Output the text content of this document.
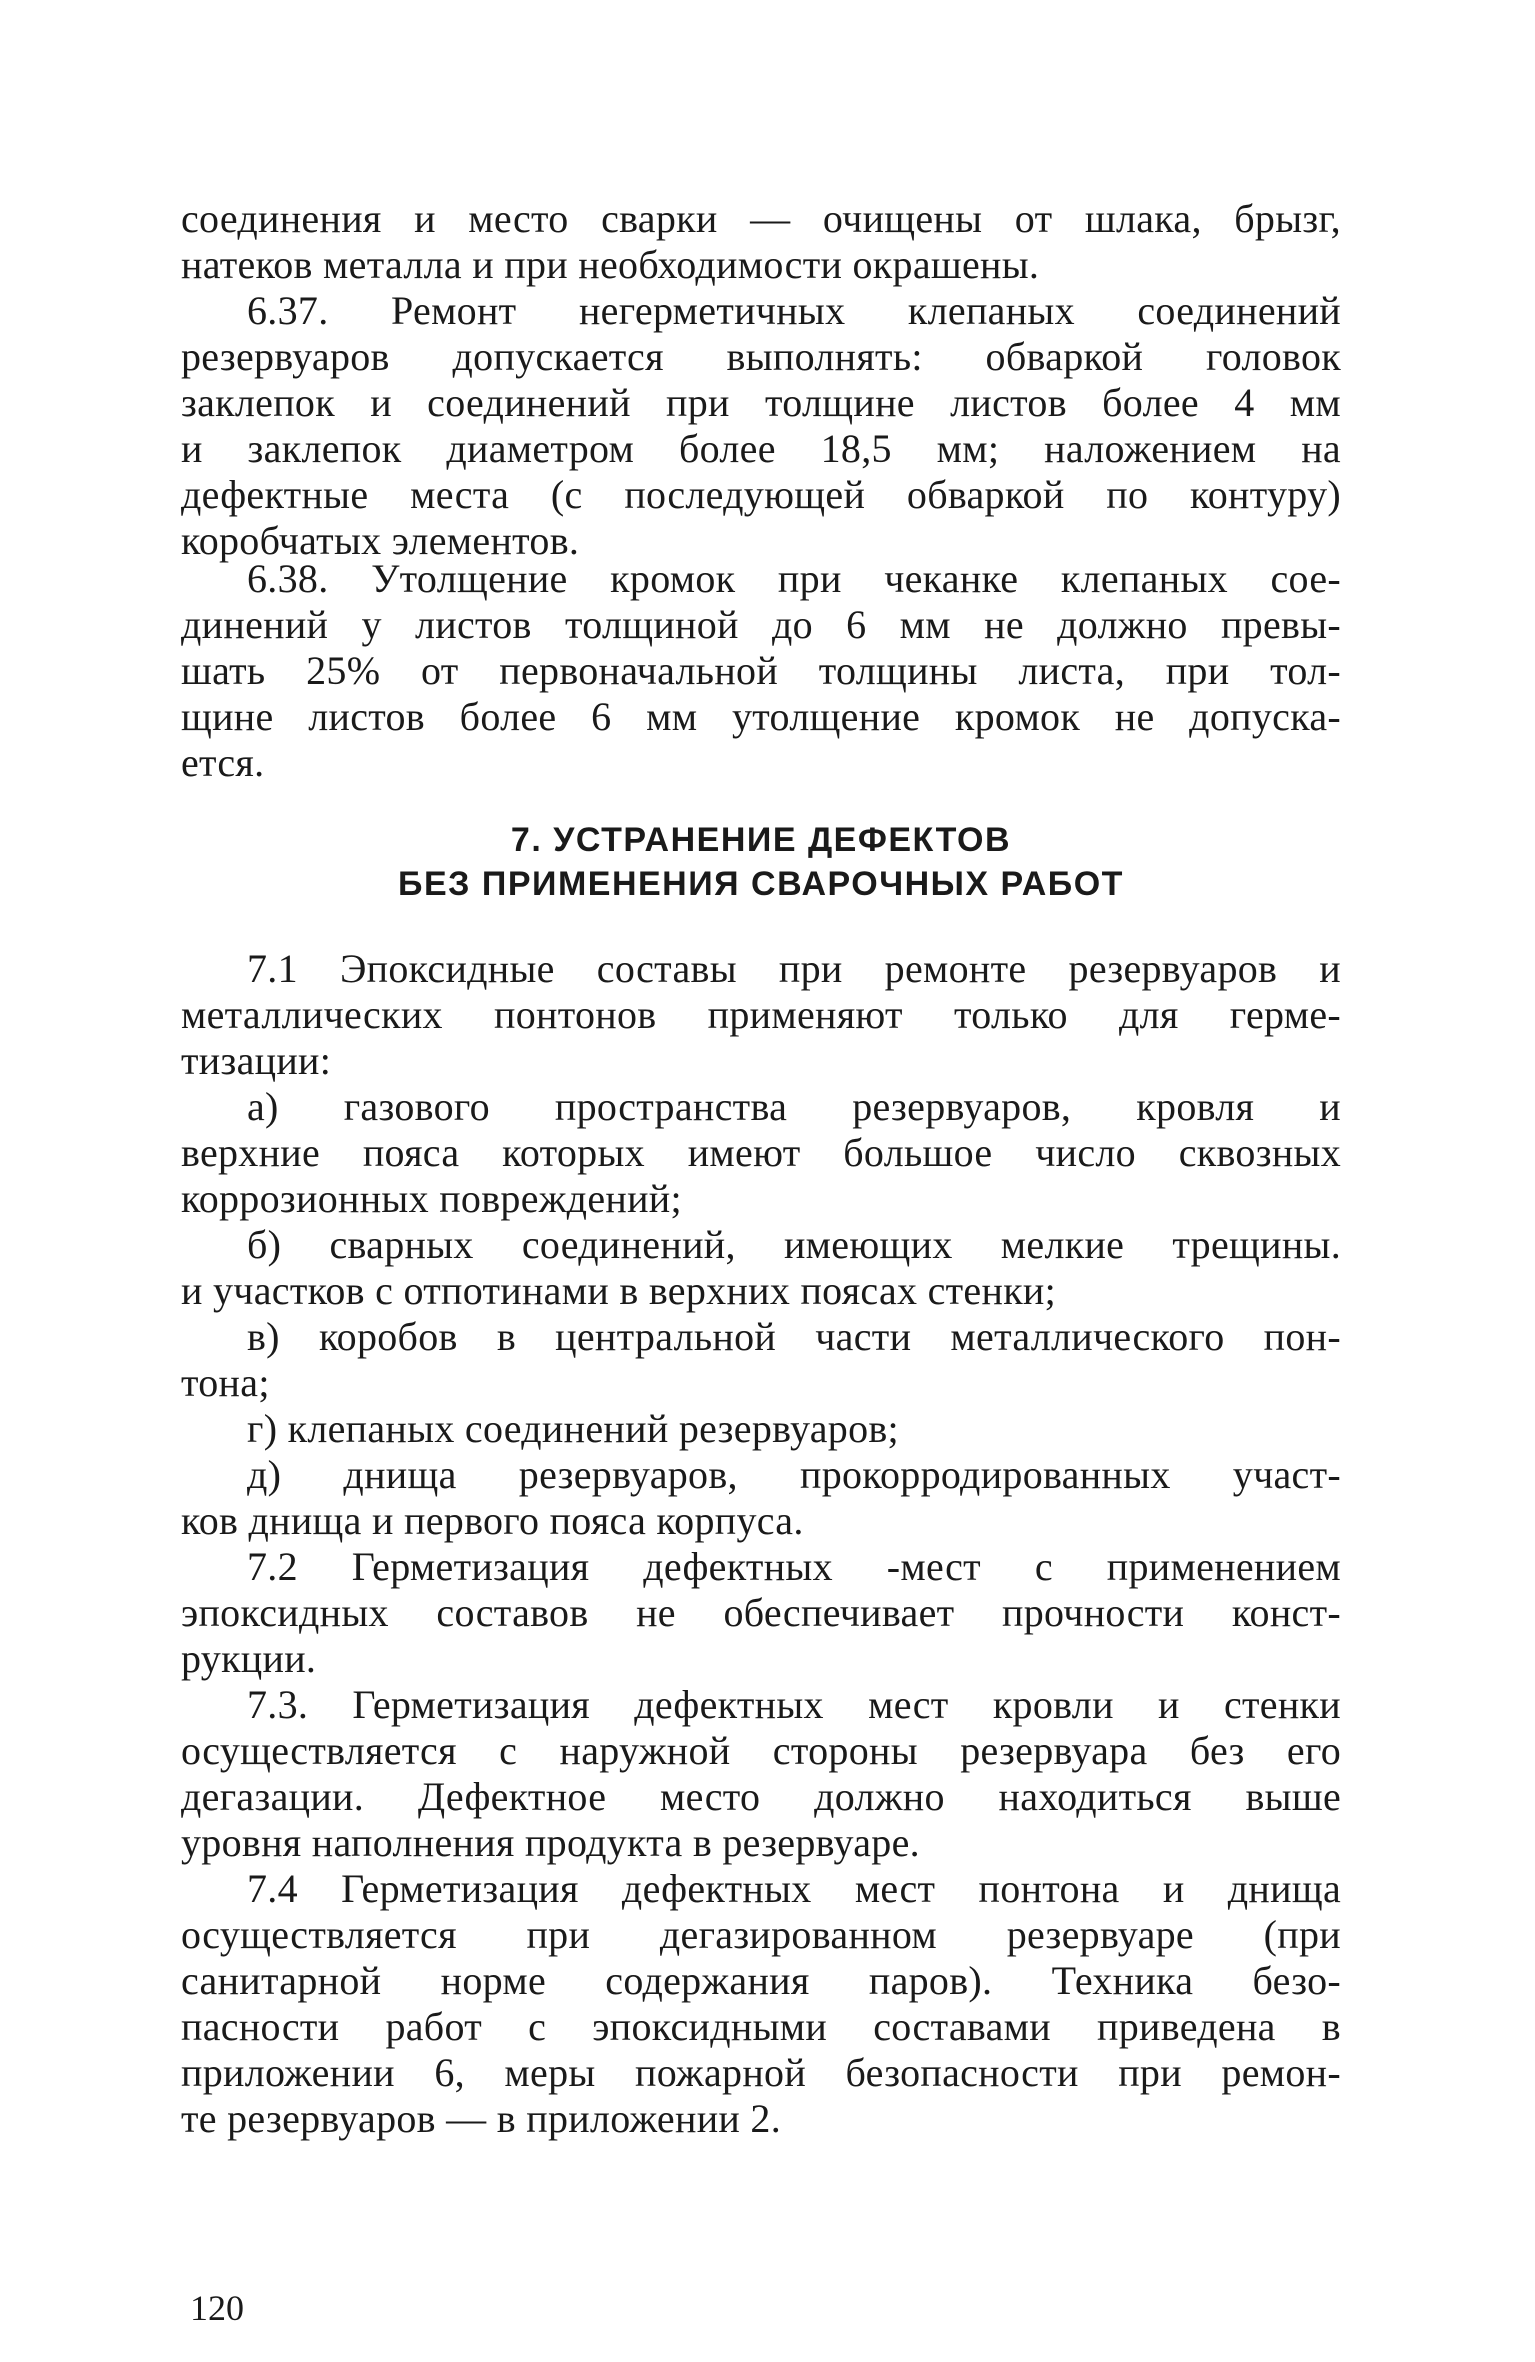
соединения и место сварки — очищены от шлака, брызг,
натеков металла и при необходимости окрашены.
6.37. Ремонт негерметичных клепаных соединений
резервуаров допускается выполнять: обваркой головок
заклепок и соединений при толщине листов более 4 мм
и заклепок диаметром более 18,5 мм; наложением на
дефектные места (с последующей обваркой по контуру)
коробчатых элементов.
6.38. Утолщение кромок при чеканке клепаных сое-
динений у листов толщиной до 6 мм не должно превы-
шать 25% от первоначальной толщины листа, при тол-
щине листов более 6 мм утолщение кромок не допуска-
ется.
7. УСТРАНЕНИЕ ДЕФЕКТОВ
БЕЗ ПРИМЕНЕНИЯ СВАРОЧНЫХ РАБОТ
7.1 Эпоксидные составы при ремонте резервуаров и
металлических понтонов применяют только для герме-
тизации:
а) газового пространства резервуаров, кровля и
верхние пояса которых имеют большое число сквозных
коррозионных повреждений;
б) сварных соединений, имеющих мелкие трещины.
и участков с отпотинами в верхних поясах стенки;
в) коробов в центральной части металлического пон-
тона;
г) клепаных соединений резервуаров;
д) днища резервуаров, прокорродированных участ-
ков днища и первого пояса корпуса.
7.2 Герметизация дефектных -мест с применением
эпоксидных составов не обеспечивает прочности конст-
рукции.
7.3. Герметизация дефектных мест кровли и стенки
осуществляется с наружной стороны резервуара без его
дегазации. Дефектное место должно находиться выше
уровня наполнения продукта в резервуаре.
7.4 Герметизация дефектных мест понтона и днища
осуществляется при дегазированном резервуаре (при
санитарной норме содержания паров). Техника безо-
пасности работ с эпоксидными составами приведена в
приложении 6, меры пожарной безопасности при ремон-
те резервуаров — в приложении 2.
120
